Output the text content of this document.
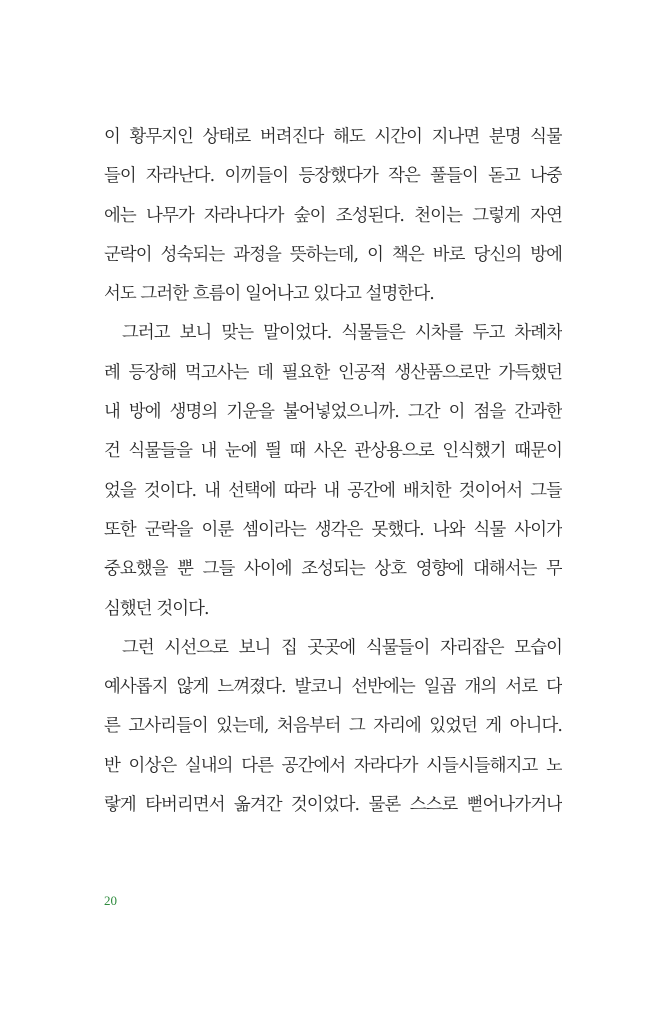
이 황무지인 상태로 버려진다 해도 시간이 지나면 분명 식물
들이 자라난다. 이끼들이 등장했다가 작은 풀들이 돋고 나중
에는 나무가 자라나다가 숲이 조성된다. 천이는 그렇게 자연
군락이 성숙되는 과정을 뜻하는데, 이 책은 바로 당신의 방에
서도 그러한 흐름이 일어나고 있다고 설명한다.
그러고 보니 맞는 말이었다. 식물들은 시차를 두고 차례차
례 등장해 먹고사는 데 필요한 인공적 생산품으로만 가득했던
내 방에 생명의 기운을 불어넣었으니까. 그간 이 점을 간과한
건 식물들을 내 눈에 띌 때 사온 관상용으로 인식했기 때문이
었을 것이다. 내 선택에 따라 내 공간에 배치한 것이어서 그들
또한 군락을 이룬 셈이라는 생각은 못했다. 나와 식물 사이가
중요했을 뿐 그들 사이에 조성되는 상호 영향에 대해서는 무
심했던 것이다.
그런 시선으로 보니 집 곳곳에 식물들이 자리잡은 모습이
예사롭지 않게 느껴졌다. 발코니 선반에는 일곱 개의 서로 다
른 고사리들이 있는데, 처음부터 그 자리에 있었던 게 아니다.
반 이상은 실내의 다른 공간에서 자라다가 시들시들해지고 노
랗게 타버리면서 옮겨간 것이었다. 물론 스스로 뻗어나가거나
20
